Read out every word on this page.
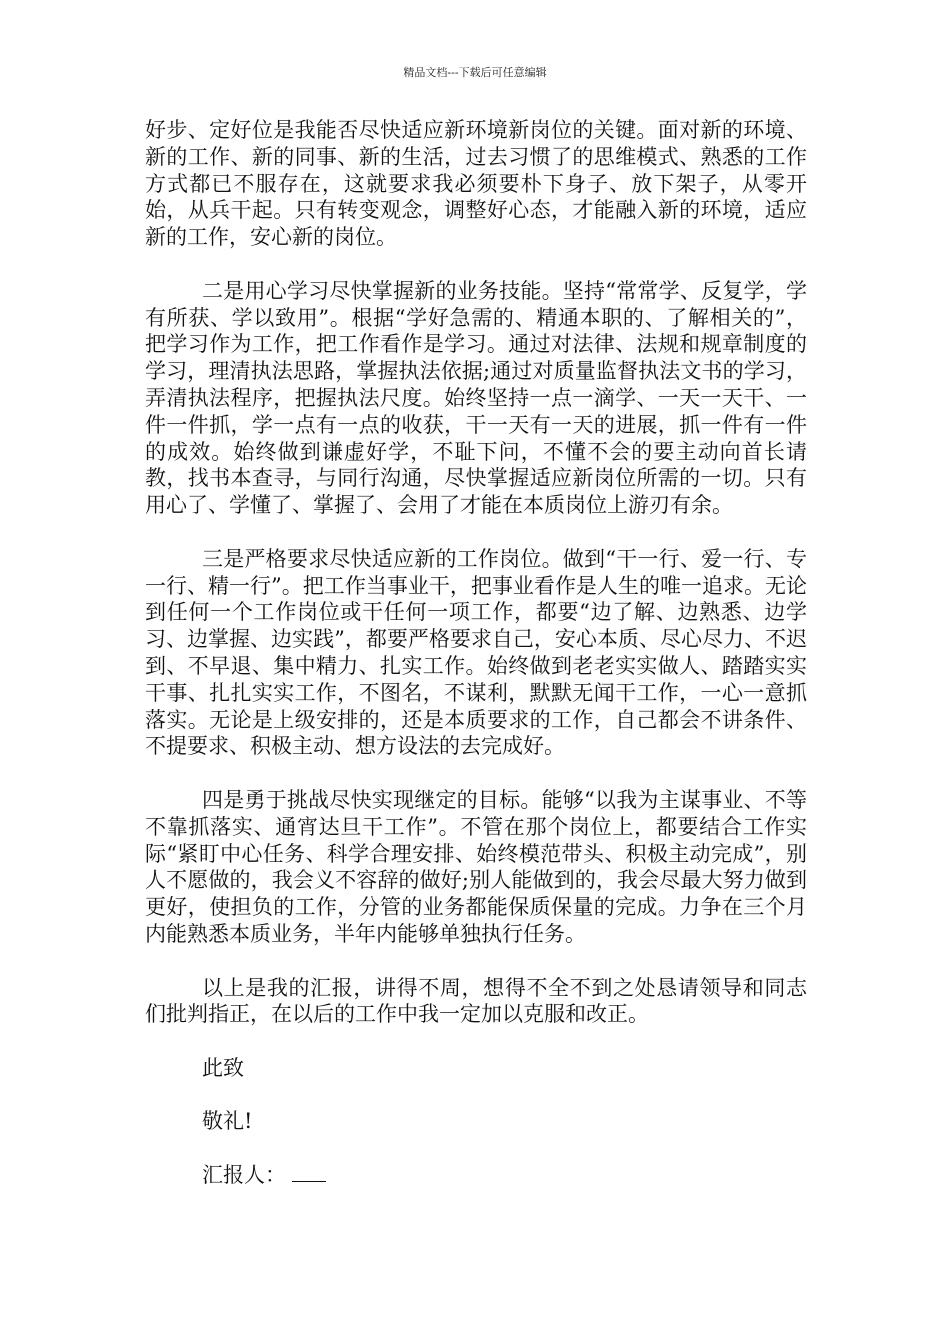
精品文档---下载后可任意编辑

好步、定好位是我能否尽快适应新环境新岗位的关键。面对新的环境、新的工作、新的同事、新的生活，过去习惯了的思维模式、熟悉的工作方式都已不服存在，这就要求我必须要朴下身子、放下架子，从零开始，从兵干起。只有转变观念，调整好心态，才能融入新的环境，适应新的工作，安心新的岗位。

二是用心学习尽快掌握新的业务技能。坚持“常常学、反复学，学有所获、学以致用”。根据“学好急需的、精通本职的、了解相关的”，把学习作为工作，把工作看作是学习。通过对法律、法规和规章制度的学习，理清执法思路，掌握执法依据;通过对质量监督执法文书的学习，弄清执法程序，把握执法尺度。始终坚持一点一滴学、一天一天干、一件一件抓，学一点有一点的收获，干一天有一天的进展，抓一件有一件的成效。始终做到谦虚好学，不耻下问，不懂不会的要主动向首长请教，找书本查寻，与同行沟通，尽快掌握适应新岗位所需的一切。只有用心了、学懂了、掌握了、会用了才能在本质岗位上游刃有余。

三是严格要求尽快适应新的工作岗位。做到“干一行、爱一行、专一行、精一行”。把工作当事业干，把事业看作是人生的唯一追求。无论到任何一个工作岗位或干任何一项工作，都要“边了解、边熟悉、边学习、边掌握、边实践”，都要严格要求自己，安心本质、尽心尽力、不迟到、不早退、集中精力、扎实工作。始终做到老老实实做人、踏踏实实干事、扎扎实实工作，不图名，不谋利，默默无闻干工作，一心一意抓落实。无论是上级安排的，还是本质要求的工作，自己都会不讲条件、不提要求、积极主动、想方设法的去完成好。

四是勇于挑战尽快实现继定的目标。能够“以我为主谋事业、不等不靠抓落实、通宵达旦干工作”。不管在那个岗位上，都要结合工作实际“紧盯中心任务、科学合理安排、始终模范带头、积极主动完成”，别人不愿做的，我会义不容辞的做好;别人能做到的，我会尽最大努力做到更好，使担负的工作，分管的业务都能保质保量的完成。力争在三个月内能熟悉本质业务，半年内能够单独执行任务。

以上是我的汇报，讲得不周，想得不全不到之处恳请领导和同志们批判指正，在以后的工作中我一定加以克服和改正。

此致

敬礼!

汇报人：
